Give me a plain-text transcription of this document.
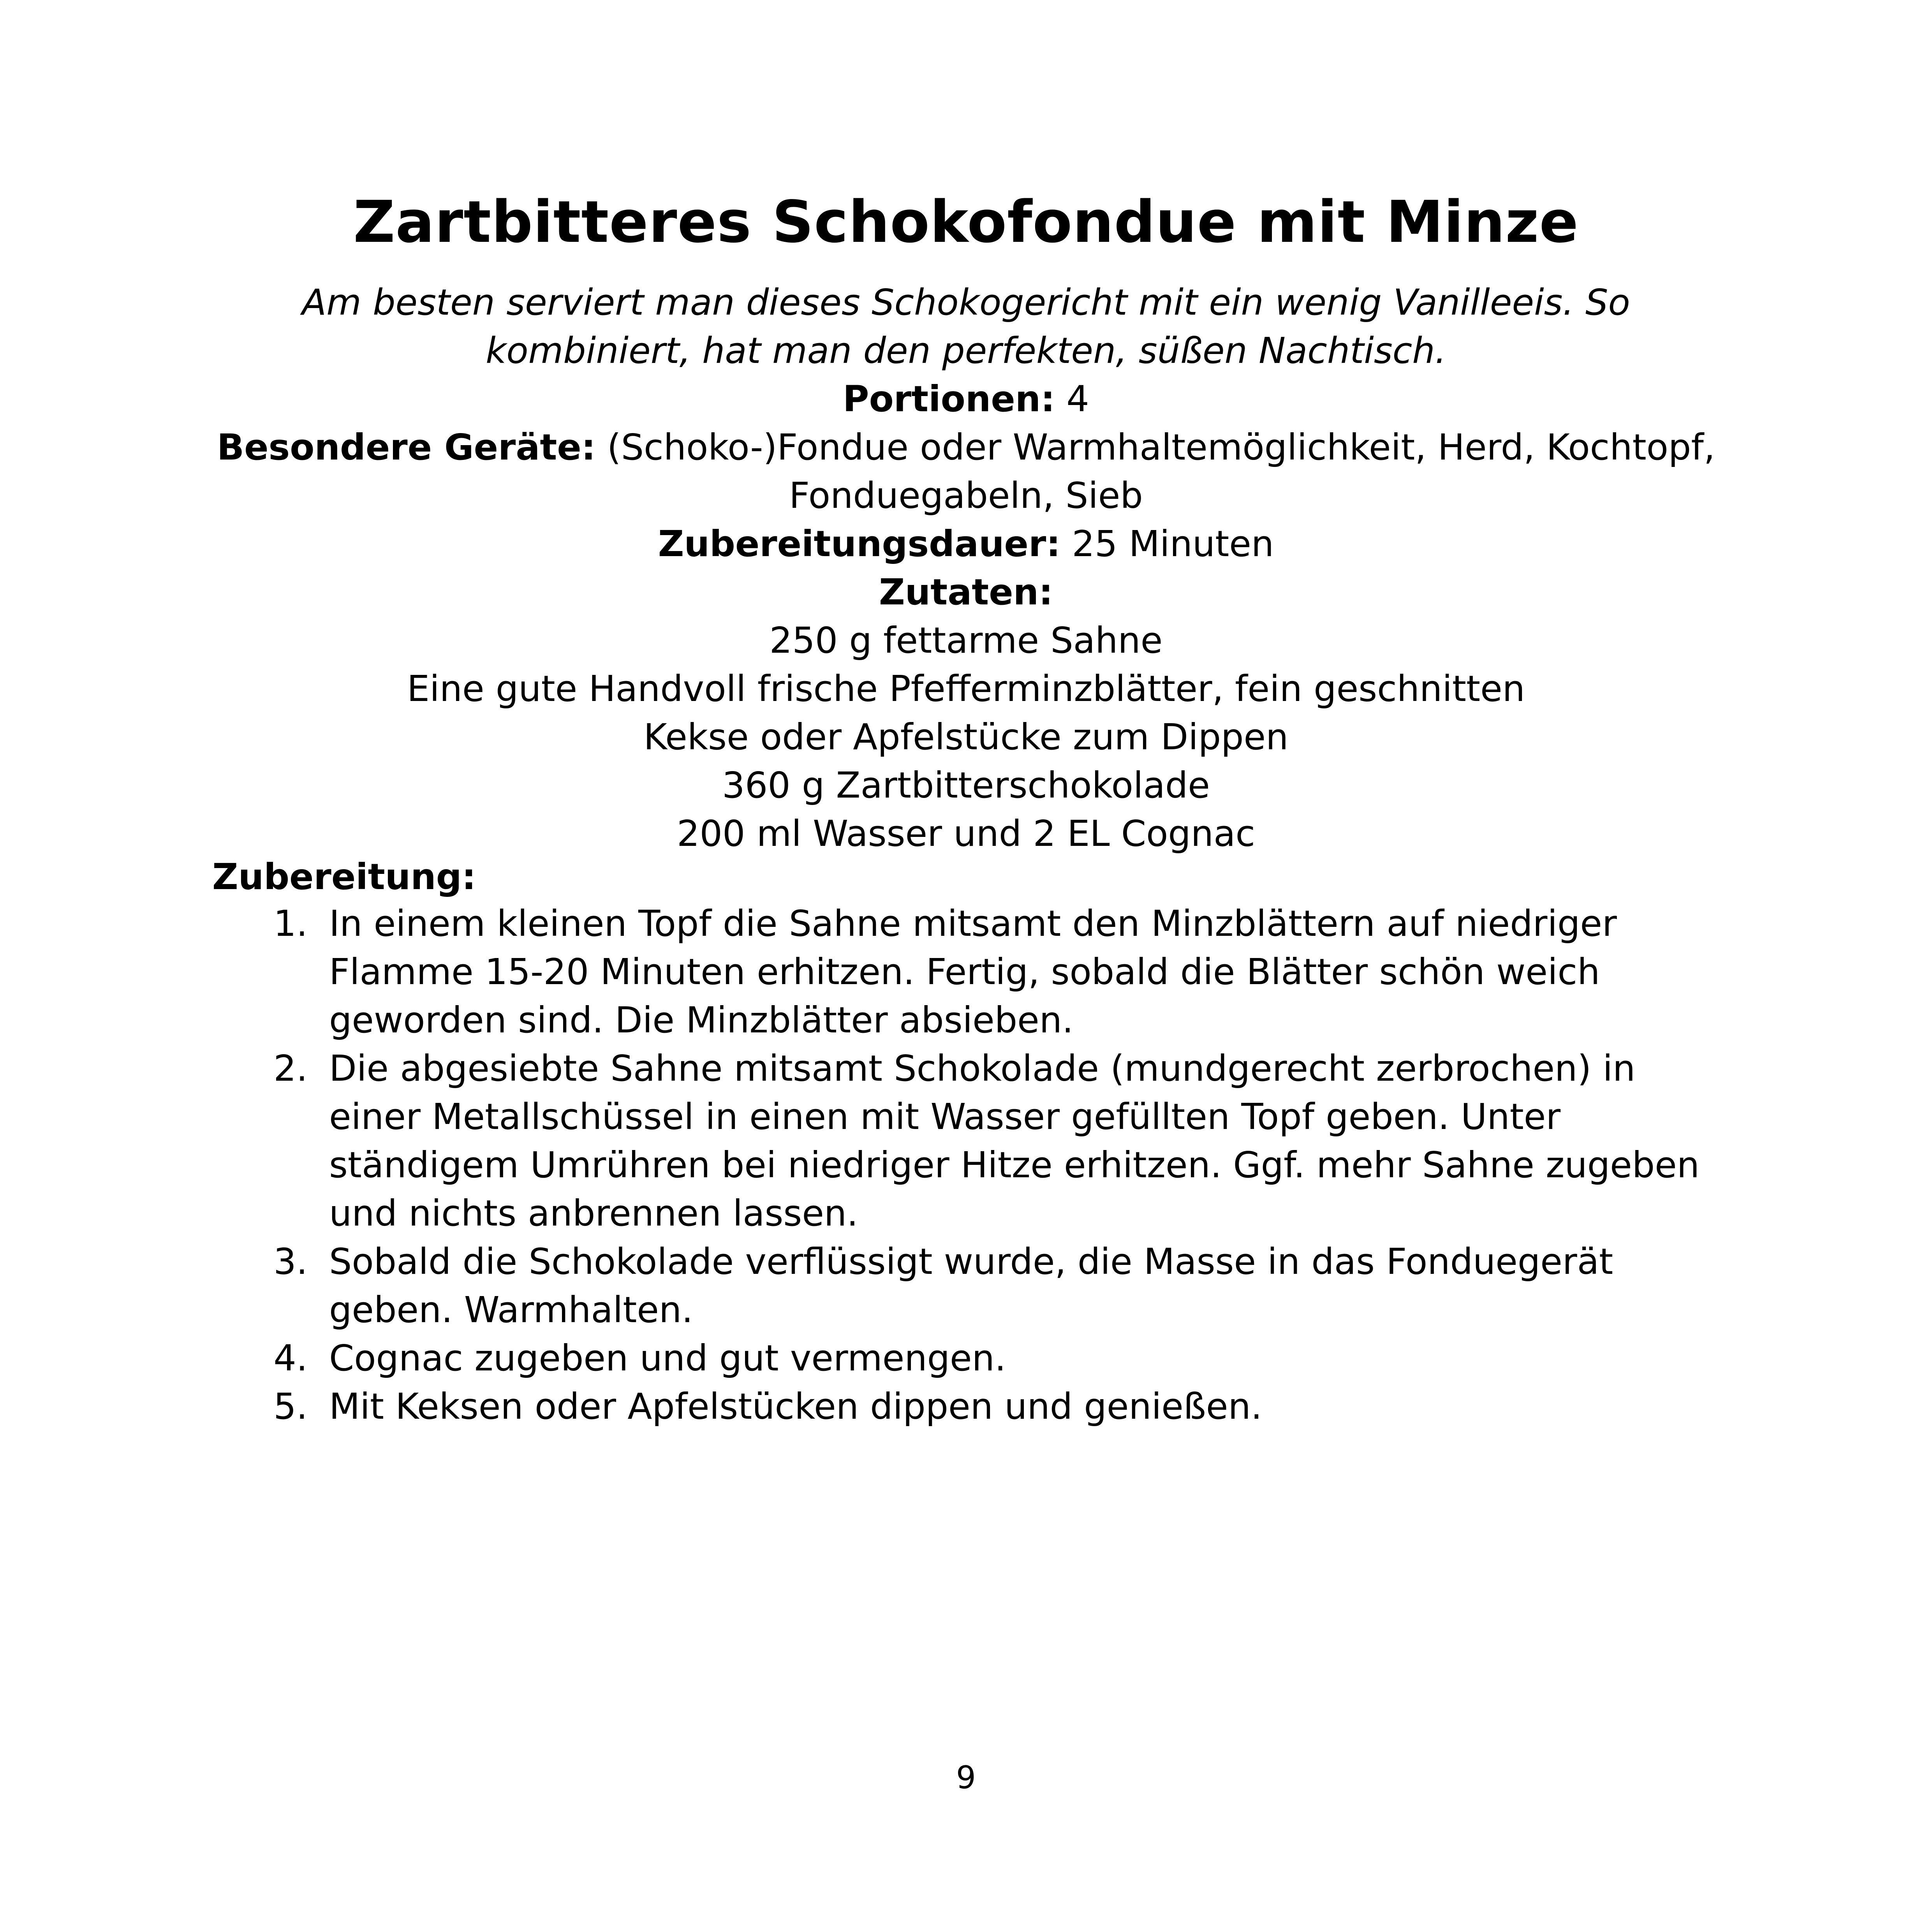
Zartbitteres Schokofondue mit Minze

Am besten serviert man dieses Schokogericht mit ein wenig Vanilleeis. So

kombiniert, hat man den perfekten, süßen Nachtisch.

Portionen: 4

Besondere Geräte: (Schoko-)Fondue oder Warmhaltemöglichkeit, Herd, Kochtopf,

Fonduegabeln, Sieb

Zubereitungsdauer: 25 Minuten

Zutaten:

250 g fettarme Sahne

Eine gute Handvoll frische Pfefferminzblätter, fein geschnitten

Kekse oder Apfelstücke zum Dippen

360 g Zartbitterschokolade

200 ml Wasser und 2 EL Cognac

Zubereitung:

1. In einem kleinen Topf die Sahne mitsamt den Minzblättern auf niedriger
Flamme 15-20 Minuten erhitzen. Fertig, sobald die Blätter schön weich
geworden sind. Die Minzblätter absieben.
2. Die abgesiebte Sahne mitsamt Schokolade (mundgerecht zerbrochen) in
einer Metallschüssel in einen mit Wasser gefüllten Topf geben. Unter
ständigem Umrühren bei niedriger Hitze erhitzen. Ggf. mehr Sahne zugeben
und nichts anbrennen lassen.
3. Sobald die Schokolade verflüssigt wurde, die Masse in das Fonduegerät
geben. Warmhalten.
4. Cognac zugeben und gut vermengen.
5. Mit Keksen oder Apfelstücken dippen und genießen.

9
